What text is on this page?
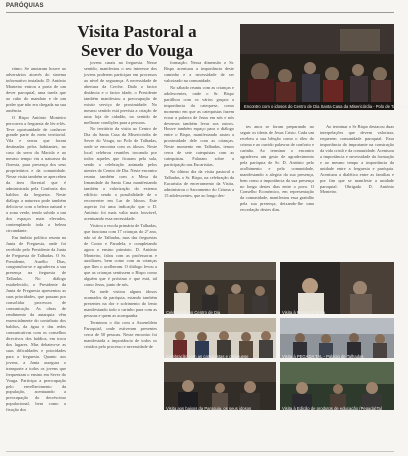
PARÓQUIAS
Visita Pastoral a Sever do Vouga

ritmo. Se anotaram houve ao adversários através do sistema informativo instalado. D. António Monteiro entrou a porta de um dever paroquial, uma tarefa que ao cabo do mandato e de um poder que não era chegada na sua ausência.

O Bispo António Monteiro percorreu a freguesia de lés-a-lés. Teve oportunidade de conhecer grande parte do meio territorial. Vila e serras que foram destinadas pelos habitantes, no caso da serra da Macida e ao mesmo tempo viu a natureza da floresta, para presença dos seus proprietários e da comunidade. Nesse visita também se apercebeu da área florestal que é administrada pela Confraria dos baldios da freguesia. Neste diálogo a natureza pode também delicia-se com a beleza natural e a zona verde, tendo subido a um dos espaços mais elevados, contemplando toda a beleza circundante.

Em âmbito político reuniu na Junta de Freguesia, onde foi recebido pelo Presidente da Junta de Freguesia de Talhadas. O Sr. Presidente, Aurélio Dias, congratulou-se e agradeceu a sua presença na freguesia de Talhadas. No diálogo estabelecido, o Presidente da Junta de Freguesia apresentou as suas prioridades, que passam por consolidar processos de comunicação. As obras de rendimento da autarquia vêm essencialmente do contributo dos baldios, da água e das redes comunicativas com os conselhos directivos dos baldios, em troca dos lugares. Mas debateu-se as suas dificuldades e prioridades para a freguesia. Quanto aos jovens, a Junta assegura o transporte a todos os jovens que frequentam o ensino em Sever do Vouga. Participa a preocupação pelo envelhecimento da população, acentuando a preocupação do decréscimo populacional, bem como a fixação dos

jovens casais na freguesia. Nesse sentido, manifestou o seu interesse dos jovens poderem participar em processos ao nível de segurança. A necessidade de abertura da Creche. Dado o factor distância e o factor idade, o Presidente também manifestou a preocupação de existir serviço de proximidade. No mesmo sentido está prevista a criação de uma loja de cidadão, no sentido de melhorar condições para a pessoas.

No território da visita ao Centro de Dia da Santa Casa da Misericórdia de Sever do Vouga, no Polo de Talhadas, onde se encontra com os idosos. Neste local celebrou reuniões trocando por todos aqueles que ficaram pela sala, sendo a celebração animada pelos utentes do Centro de Dia. Neste encontro reuniu também com a Mesa da Irmandade da Santa Casa manifestando também a valorização do extenso edifício sendo a possibilidade de o reconverter em Lar de Idosos. Este aspecto foi uma indicação que o D. António foi mais valia mais louvável, acentuando essa necessidade.

Visitou a escola primária de Talhadas, que funciona com 17 crianças do 2º ano, não só de Talhadas, mas das freguesias de Couto e Paradela, e completando agora o ensino primário. D. António Monteiro, falou com as professoras e auxiliares, bem como com as crianças que lhes o acolheram. O diálogo levou a que as crianças sentissem o Bispo como alguém que é próximo e que está, tal como Jesus, junto de nós.

Na tarde visitou alguns idosos acamados da paróquia, estando também presentes na dor e sofrimento do lento manifestando todo o carinho para com as pessoas e quem as acompanha.

Terminou o dia com a Assembleia Paroquial, onde estiveram presentes cerca de 50 pessoas. Nesse encontro foi manifestada a importância de todos os cristãos pelo processo e necessidade de

formação. Nessa dimensão o Sr. Bispo acentuou a importância deste caminho e a necessidade de ser valorizado na comunidade.

No sábado reuniu com as crianças e adolescentes, onde o Sr. Bispo partilhou com os vários grupos a importância da catequese, como momento em que as catequistas fazem ecoar a palavra de Jesus em nós e nós devemos também levar aos outros. Houve também espaço para o diálogo entre o Bispo, manifestando assim a proximidade dele com as crianças. Neste momento em Talhadas, temos cerca de sete catequistas com as catequistas. Falaram sobre a participação nas Eucaristias.

No último dia da visita pastoral a Talhadas, o Sr. Bispo, na celebração da Eucaristia de encerramento da Visita, administrou o Sacramento do Crisma a 15 adolescentes, que ao longo des-

tes anos se foram preparando no seguir os ideais de Jesus Cristo. Cada um recebeu a sua bênção como o óleo do crisma e ao ouvido palavras de conforto e carinho. Ao terminar o encontro agradeceu um gesto de agradecimento pela paróquia de Sr. D. António pelo acolhimento e pela comunidade, manifestando a alegria da sua presença, bem como a importância da sua presença no longo destes dias entre o povo. O Conselho Económico, em representação da comunidade, manifestou essa gratidão pela sua presença, deixando-lhe uma recordação destes dias.

Ao terminar o Sr Bispo destacou duas interpelações que devem valorizar, requerem comunidade paroquial. Essa importância do importante na construção da vida cristã e da comunidade. Acentuou a importância e necessidade da formação e ao mesmo tempo a importância da unidade entre a freguesia e paróquia. Acentuou a dialética entre as famílias e por fim que se manifeste a unidade paroquial. Obrigado D. António Monteiro.

Encontro com o idosos do Centro de Dia Santa Casa da Misericórdia - Polo de Talhadas
Celebração no Centro de Dia	Visita à Pessoa a Rosa
Celebração com as catequistas e catequese	Visita à PEGADA TAL - Palácio de Talhadas
Visita aos baixos da Paroquia, os seus idosos	Visita à Edição de produtos de educação (Pegada)Tal
